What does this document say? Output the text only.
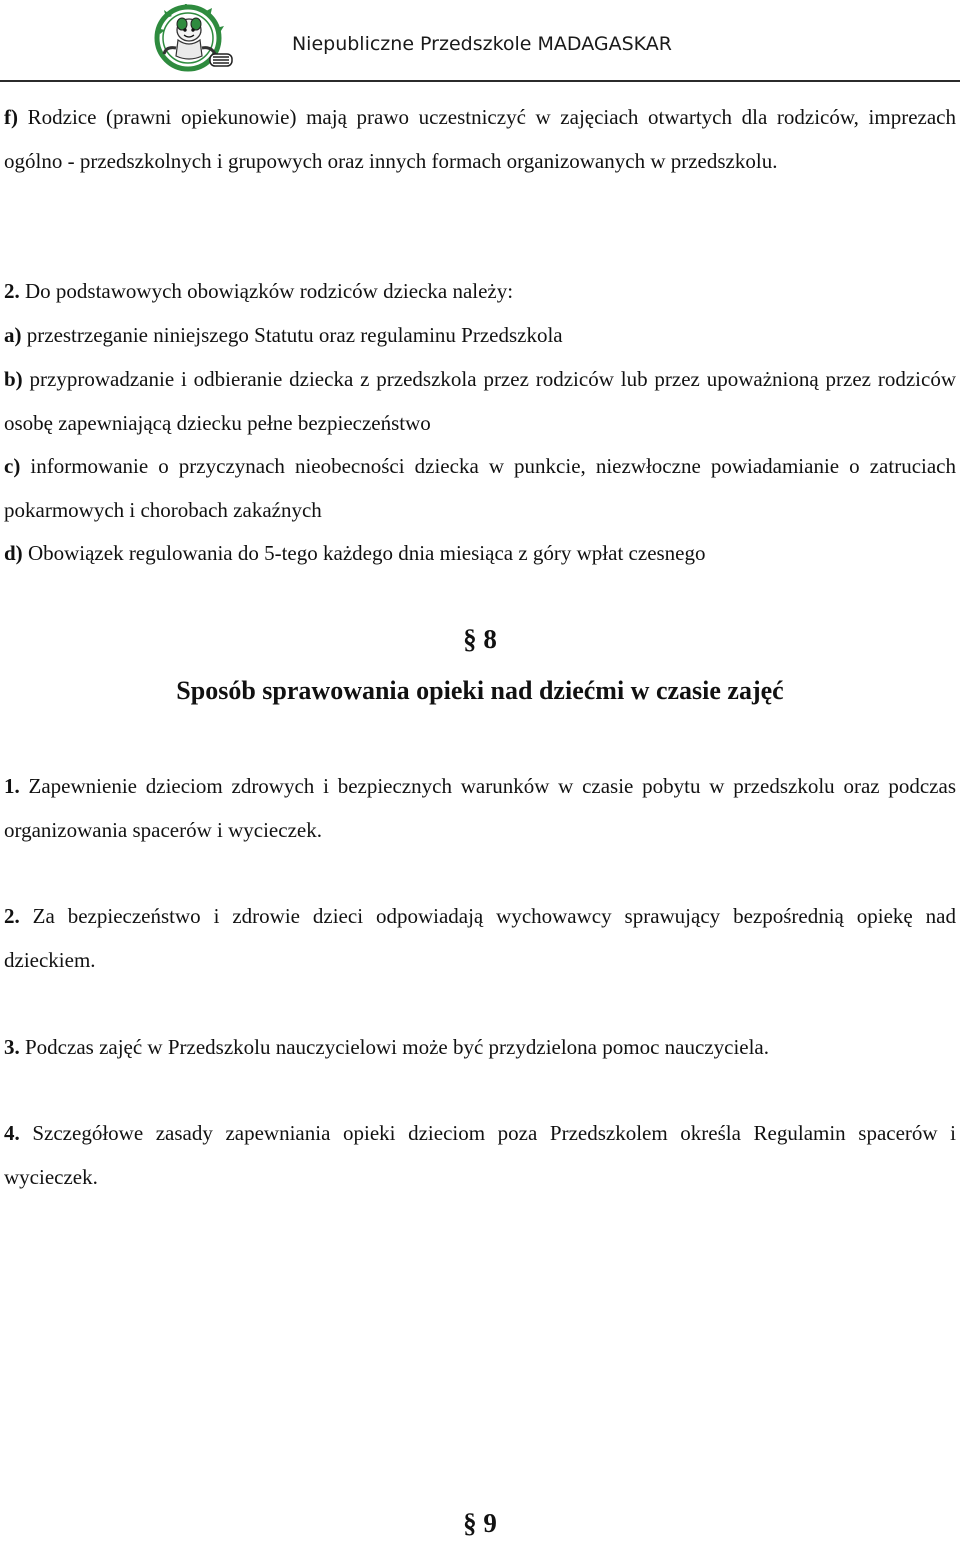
Niepubliczne Przedszkole MADAGASKAR
f) Rodzice (prawni opiekunowie) mają prawo uczestniczyć w zajęciach otwartych dla rodziców, imprezach ogólno - przedszkolnych i grupowych oraz innych formach organizowanych w przedszkolu.
2. Do podstawowych obowiązków rodziców dziecka należy:
a) przestrzeganie niniejszego Statutu oraz regulaminu Przedszkola
b) przyprowadzanie i odbieranie dziecka z przedszkola przez rodziców lub przez upoważnioną przez rodziców osobę zapewniającą dziecku pełne bezpieczeństwo
c) informowanie o przyczynach nieobecności dziecka w punkcie, niezwłoczne powiadamianie o zatruciach pokarmowych i chorobach zakaźnych
d) Obowiązek regulowania do 5-tego każdego dnia miesiąca z góry wpłat czesnego
§ 8
Sposób sprawowania opieki nad dziećmi w czasie zajęć
1. Zapewnienie dzieciom zdrowych i bezpiecznych warunków w czasie pobytu w przedszkolu oraz podczas organizowania spacerów i wycieczek.
2. Za bezpieczeństwo i zdrowie dzieci odpowiadają wychowawcy sprawujący bezpośrednią opiekę nad dzieckiem.
3. Podczas zajęć w Przedszkolu nauczycielowi może być przydzielona pomoc nauczyciela.
4. Szczegółowe zasady zapewniania opieki dzieciom poza Przedszkolem określa Regulamin spacerów i wycieczek.
§ 9
